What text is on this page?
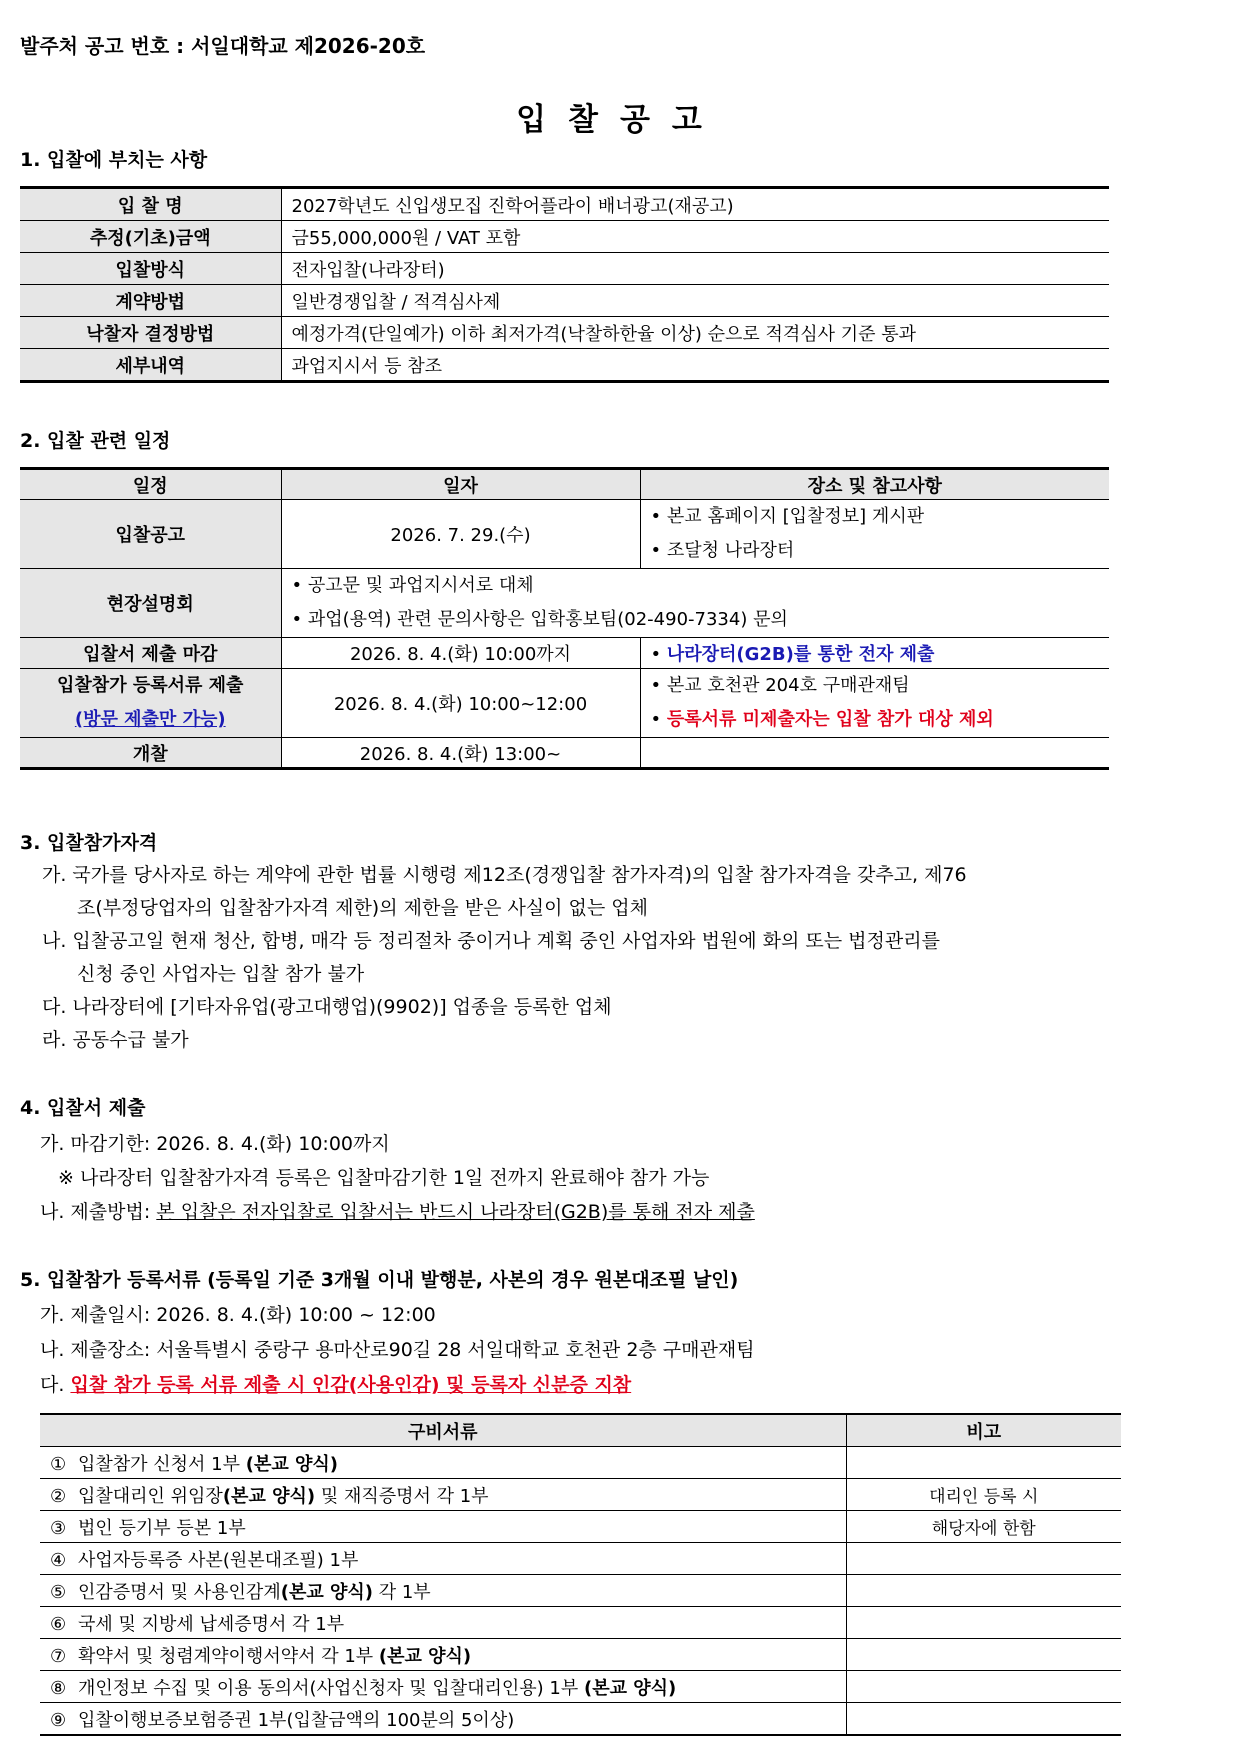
발주처 공고 번호 : 서일대학교 제2026-20호
입찰공고
1. 입찰에 부치는 사항
입 찰 명	2027학년도 신입생모집 진학어플라이 배너광고(재공고)
추정(기초)금액	금55,000,000원 / VAT 포함
입찰방식	전자입찰(나라장터)
계약방법	일반경쟁입찰 / 적격심사제
낙찰자 결정방법	예정가격(단일예가) 이하 최저가격(낙찰하한율 이상) 순으로 적격심사 기준 통과
세부내역	과업지시서 등 참조
2. 입찰 관련 일정
일정	일자	장소 및 참고사항
입찰공고	2026. 7. 29.(수)	• 본교 홈페이지 [입찰정보] 게시판
• 조달청 나라장터

현장설명회	• 공고문 및 과업지시서로 대체
• 과업(용역) 관련 문의사항은 입학홍보팀(02-490-7334) 문의	

입찰서 제출 마감	2026. 8. 4.(화) 10:00까지	• 나라장터(G2B)를 통한 전자 제출

입찰참가 등록서류 제출
(방문 제출만 가능)	2026. 8. 4.(화) 10:00~12:00	• 본교 호천관 204호 구매관재팀
• 등록서류 미제출자는 입찰 참가 대상 제외

개찰	2026. 8. 4.(화) 13:00~	
3. 입찰참가자격
가. 국가를 당사자로 하는 계약에 관한 법률 시행령 제12조(경쟁입찰 참가자격)의 입찰 참가자격을 갖추고, 제76
조(부정당업자의 입찰참가자격 제한)의 제한을 받은 사실이 없는 업체
나. 입찰공고일 현재 청산, 합병, 매각 등 정리절차 중이거나 계획 중인 사업자와 법원에 화의 또는 법정관리를
신청 중인 사업자는 입찰 참가 불가
다. 나라장터에 [기타자유업(광고대행업)(9902)] 업종을 등록한 업체
라. 공동수급 불가
4. 입찰서 제출
가. 마감기한: 2026. 8. 4.(화) 10:00까지
※ 나라장터 입찰참가자격 등록은 입찰마감기한 1일 전까지 완료해야 참가 가능
나. 제출방법: 본 입찰은 전자입찰로 입찰서는 반드시 나라장터(G2B)를 통해 전자 제출
5. 입찰참가 등록서류 (등록일 기준 3개월 이내 발행분, 사본의 경우 원본대조필 날인)
가. 제출일시: 2026. 8. 4.(화) 10:00 ~ 12:00
나. 제출장소: 서울특별시 중랑구 용마산로90길 28 서일대학교 호천관 2층 구매관재팀
다. 입찰 참가 등록 서류 제출 시 인감(사용인감) 및 등록자 신분증 지참
구비서류	비고
① 입찰참가 신청서 1부 (본교 양식)	
② 입찰대리인 위임장(본교 양식) 및 재직증명서 각 1부	대리인 등록 시
③ 법인 등기부 등본 1부	해당자에 한함
④ 사업자등록증 사본(원본대조필) 1부	
⑤ 인감증명서 및 사용인감계(본교 양식) 각 1부	
⑥ 국세 및 지방세 납세증명서 각 1부	
⑦ 확약서 및 청렴계약이행서약서 각 1부 (본교 양식)	
⑧ 개인정보 수집 및 이용 동의서(사업신청자 및 입찰대리인용) 1부 (본교 양식)	
⑨ 입찰이행보증보험증권 1부(입찰금액의 100분의 5이상)	
